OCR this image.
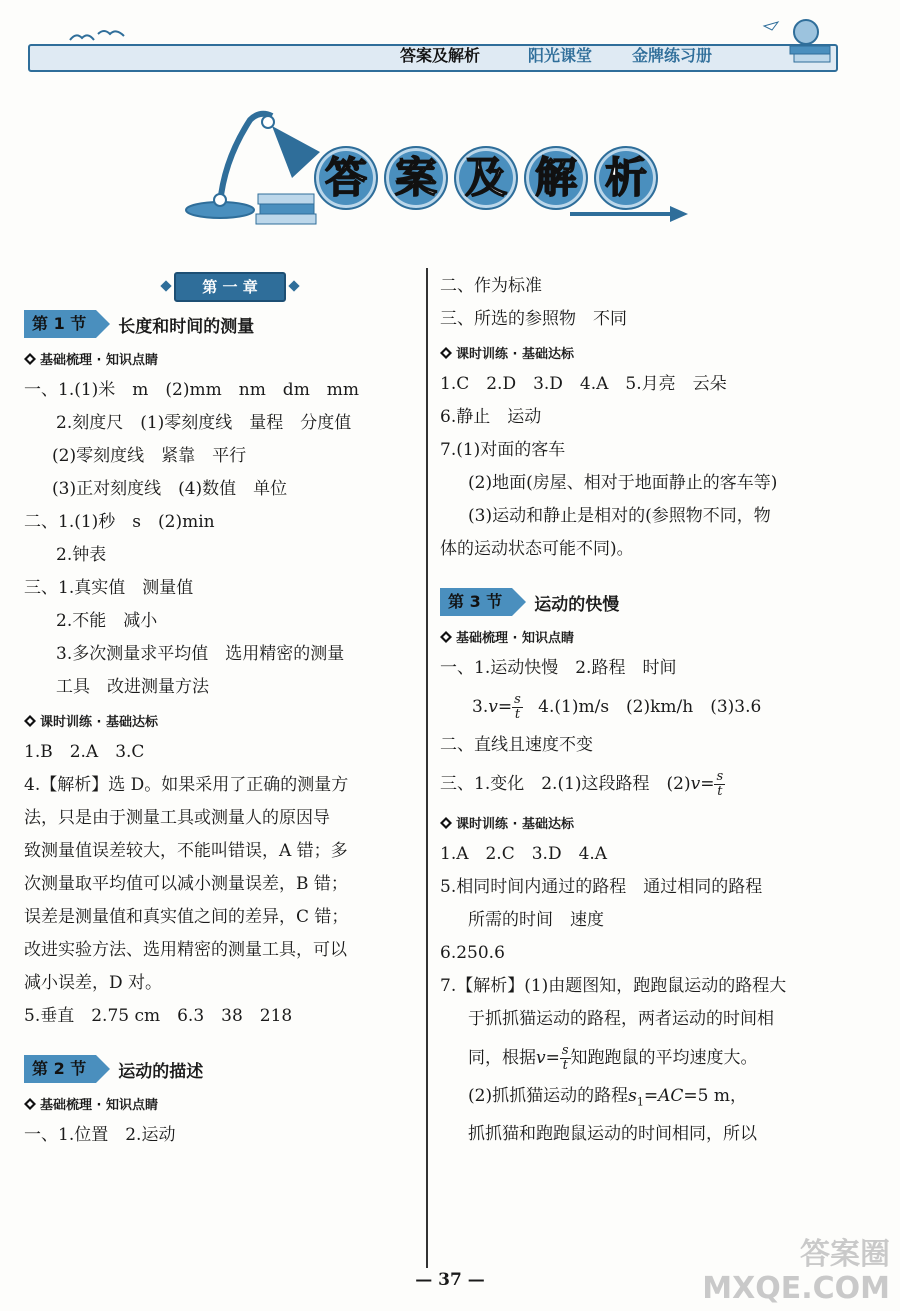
答案及解析	阳光课堂 金牌练习册
答 案 及 解 析
第 一 章
第 1 节	长度和时间的测量
基础梳理 · 知识点睛
一、1.(1)米　m　(2)mm　nm　dm　mm
2.刻度尺　(1)零刻度线　量程　分度值
(2)零刻度线　紧靠　平行
(3)正对刻度线　(4)数值　单位
二、1.(1)秒　s　(2)min
2.钟表
三、1.真实值　测量值
2.不能　减小
3.多次测量求平均值　选用精密的测量
工具　改进测量方法
课时训练 · 基础达标
1.B　2.A　3.C
4.【解析】选 D。如果采用了正确的测量方
法，只是由于测量工具或测量人的原因导
致测量值误差较大，不能叫错误，A 错；多
次测量取平均值可以减小测量误差，B 错；
误差是测量值和真实值之间的差异，C 错；
改进实验方法、选用精密的测量工具，可以
减小误差，D 对。
5.垂直　2.75 cm　6.3　38　218
第 2 节	运动的描述
基础梳理 · 知识点睛
一、1.位置　2.运动
二、作为标准
三、所选的参照物　不同
课时训练 · 基础达标
1.C　2.D　3.D　4.A　5.月亮　云朵
6.静止　运动
7.(1)对面的客车
(2)地面(房屋、相对于地面静止的客车等)
(3)运动和静止是相对的(参照物不同，物
体的运动状态可能不同)。
第 3 节	运动的快慢
基础梳理 · 知识点睛
一、1.运动快慢　2.路程　时间
$3.v= \frac{s}{t} 4.(1)m/s$　(2)km/h　(3)3.6
二、直线且速度不变
三、1.变化　2.(1)这段路程　$(2)v= \frac{s}{t}$
课时训练 · 基础达标
1.A　2.C　3.D　4.A
5.相同时间内通过的路程　通过相同的路程
所需的时间　速度
6.250.6
7.【解析】(1)由题图知，跑跑鼠运动的路程大
于抓抓猫运动的路程，两者运动的时间相
同，根据$v= \frac{s}{t}$ 知跑跑鼠的平均速度大。
(2)抓抓猫运动的路程$s_1=AC=5$ m，
抓抓猫和跑跑鼠运动的时间相同，所以
— 37 —
答案圈
MXQE.COM
